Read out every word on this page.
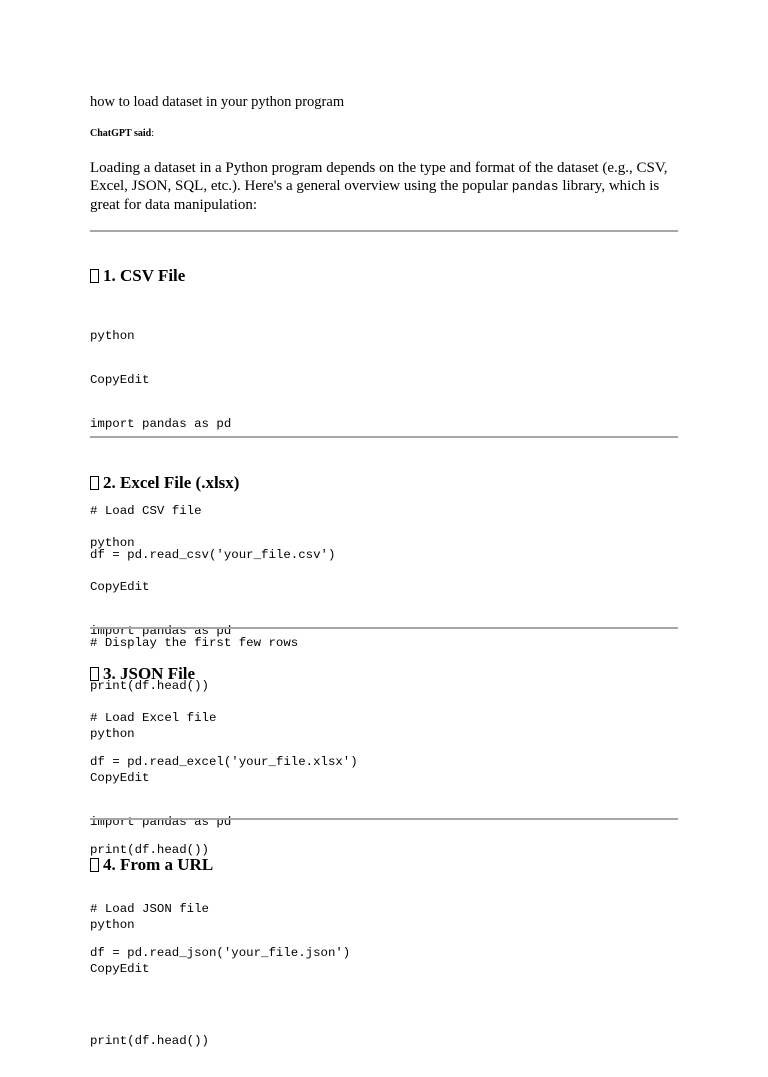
how to load dataset in your python program
ChatGPT said:
Loading a dataset in a Python program depends on the type and format of the dataset (e.g., CSV, Excel, JSON, SQL, etc.). Here's a general overview using the popular pandas library, which is great for data manipulation:
1. CSV File

python

CopyEdit

import pandas as pd

# Load CSV file

df = pd.read_csv('your_file.csv')

# Display the first few rows

print(df.head())

2. Excel File (.xlsx)

python

CopyEdit

import pandas as pd

# Load Excel file

df = pd.read_excel('your_file.xlsx')

print(df.head())

3. JSON File

python

CopyEdit

import pandas as pd

# Load JSON file

df = pd.read_json('your_file.json')

print(df.head())

4. From a URL

python

CopyEdit
